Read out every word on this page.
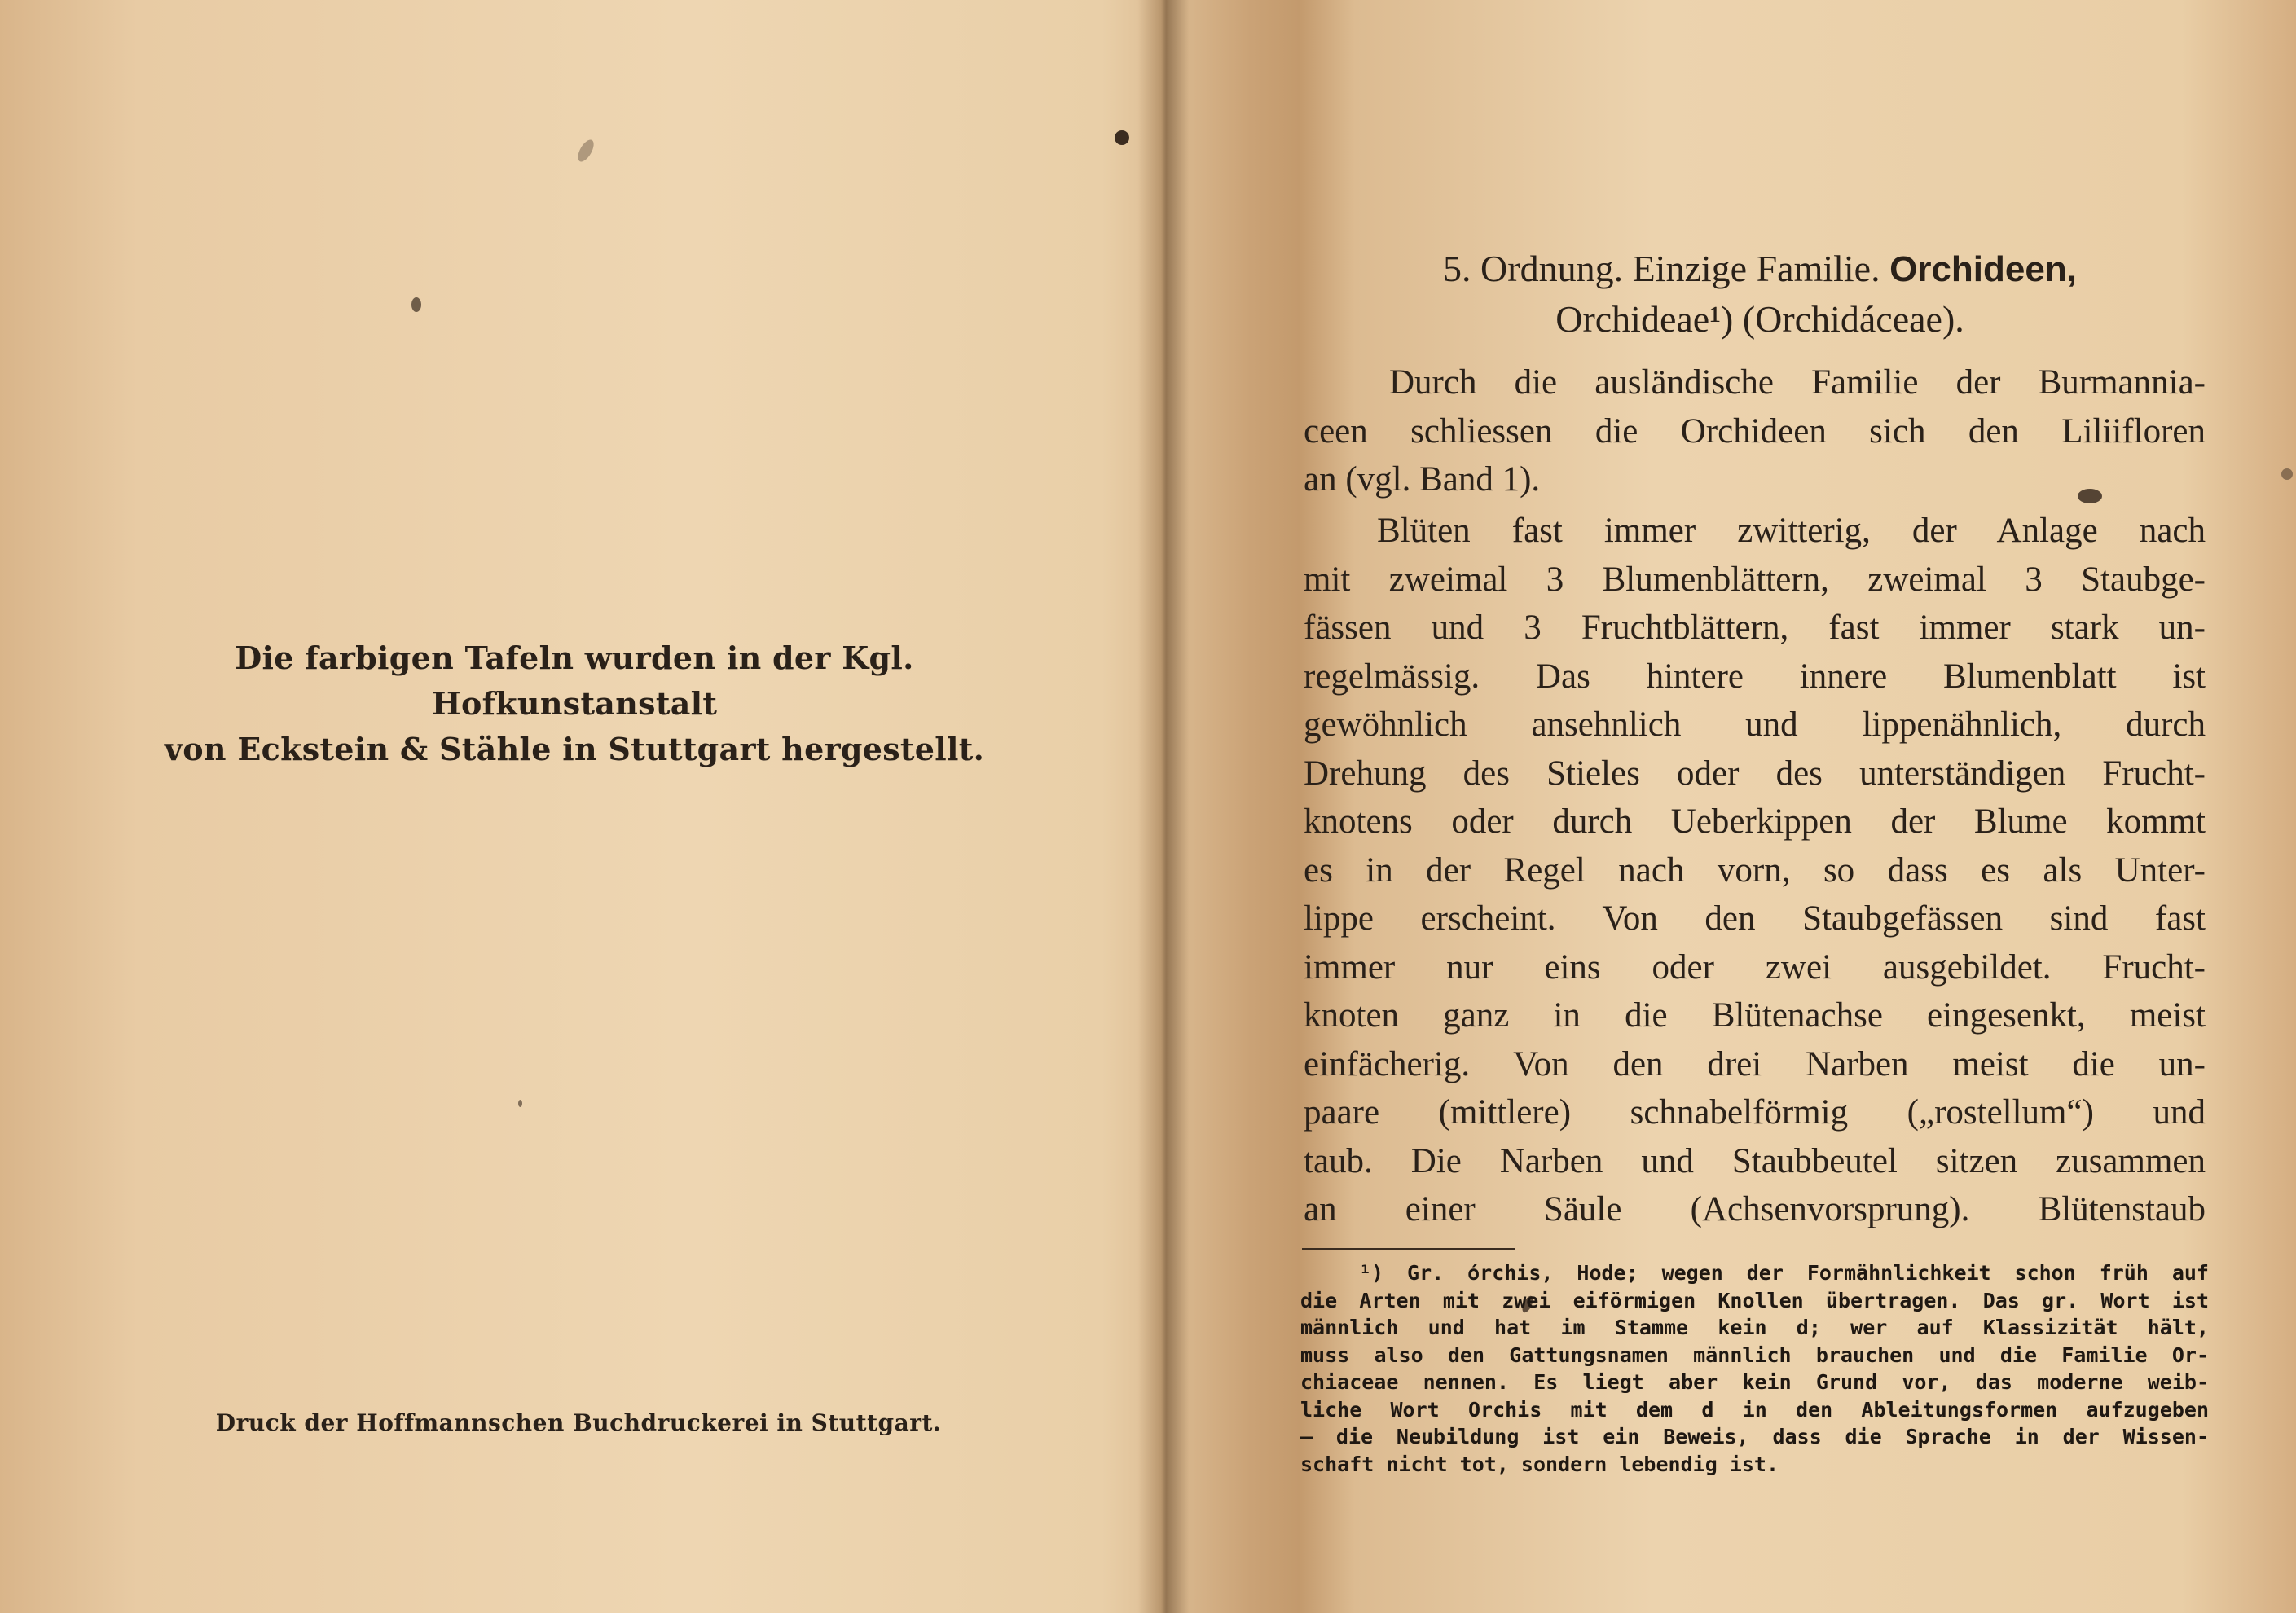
Die farbigen Tafeln wurden in der Kgl. Hofkunstanstalt
von Eckstein & Stähle in Stuttgart hergestellt.
Druck der Hoffmannschen Buchdruckerei in Stuttgart.
5. Ordnung. Einzige Familie. Orchideen,
Orchideae¹) (Orchidáceae).

Durch die ausländische Familie der Burmannia-
ceen schliessen die Orchideen sich den Liliifloren
an (vgl. Band 1).

Blüten fast immer zwitterig, der Anlage nach
mit zweimal 3 Blumenblättern, zweimal 3 Staubge-
fässen und 3 Fruchtblättern, fast immer stark un-
regelmässig. Das hintere innere Blumenblatt ist
gewöhnlich ansehnlich und lippenähnlich, durch
Drehung des Stieles oder des unterständigen Frucht-
knotens oder durch Ueberkippen der Blume kommt
es in der Regel nach vorn, so dass es als Unter-
lippe erscheint. Von den Staubgefässen sind fast
immer nur eins oder zwei ausgebildet. Frucht-
knoten ganz in die Blütenachse eingesenkt, meist
einfächerig. Von den drei Narben meist die un-
paare (mittlere) schnabelförmig („rostellum“) und
taub. Die Narben und Staubbeutel sitzen zusammen
an einer Säule (Achsenvorsprung). Blütenstaub

¹) Gr. órchis, Hode; wegen der Formähnlichkeit schon früh auf
die Arten mit zwei eiförmigen Knollen übertragen. Das gr. Wort ist
männlich und hat im Stamme kein d; wer auf Klassizität hält,
muss also den Gattungsnamen männlich brauchen und die Familie Or-
chiaceae nennen. Es liegt aber kein Grund vor, das moderne weib-
liche Wort Orchis mit dem d in den Ableitungsformen aufzugeben
— die Neubildung ist ein Beweis, dass die Sprache in der Wissen-
schaft nicht tot, sondern lebendig ist.
